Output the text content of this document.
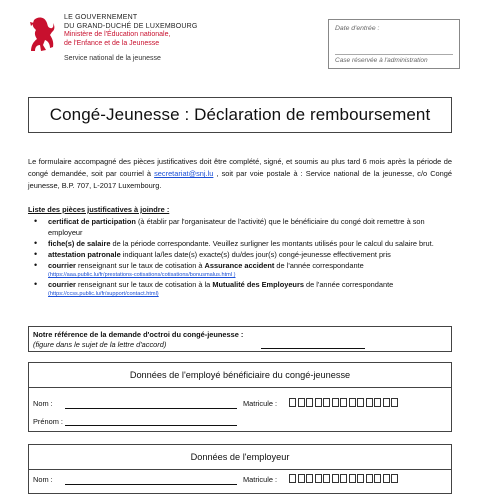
LE GOUVERNEMENT
DU GRAND-DUCHÉ DE LUXEMBOURG
Ministère de l'Éducation nationale,
de l'Enfance et de la Jeunesse
Service national de la jeunesse
Date d'entrée :
Case réservée à l'administration
Congé-Jeunesse : Déclaration de remboursement
Le formulaire accompagné des pièces justificatives doit être complété, signé, et soumis au plus tard 6 mois après la période de congé demandée, soit par courriel à secretariat@snj.lu , soit par voie postale à : Service national de la jeunesse, c/o Congé jeunesse, B.P. 707, L-2017 Luxembourg.
Liste des pièces justificatives à joindre :
• certificat de participation (à établir par l'organisateur de l'activité) que le bénéficiaire du congé doit remettre à son employeur
• fiche(s) de salaire de la période correspondante. Veuillez surligner les montants utilisés pour le calcul du salaire brut.
• attestation patronale indiquant la/les date(s) exacte(s) du/des jour(s) congé-jeunesse effectivement pris
• courrier renseignant sur le taux de cotisation à Assurance accident de l'année correspondante
(https://aaa.public.lu/fr/prestations-cotisations/cotisations/bonusmalus.html )
• courrier renseignant sur le taux de cotisation à la Mutualité des Employeurs de l'année correspondante
(https://ccss.public.lu/fr/support/contact.html)
Notre référence de la demande d'octroi du congé-jeunesse :
(figure dans le sujet de la lettre d'accord)
Données de l'employé bénéficiaire du congé-jeunesse
Nom :	Matricule :
Prénom :
Données de l'employeur
Nom :	Matricule :
